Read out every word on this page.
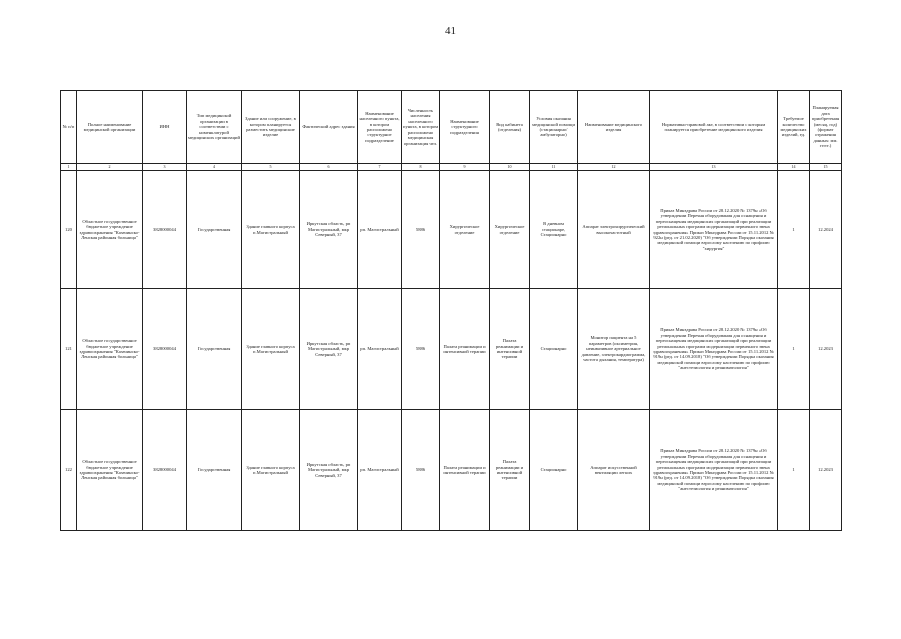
41
№ п/п	Полное наименование медицинской организации	ИНН	Тип медицинской организации в соответствии с номенклатурой медицинских организаций	Здание или сооружение, в котором планируется разместить медицинские изделие	Фактический адрес здания	Наименование населенного пункта, в котором расположено структурное подразделение	Численность населения населенного пункта, в котором расположено медицинская организация чел.	Наименование структурного подразделения	Вид кабинета (отделения)	Условия оказания медицинской помощи (стационарно/амбулаторно)	Наименование медицинского изделия	Нормативно-правовой акт, в соответствии с которым планируется приобретение медицинского изделия	Требуемое количество медицинских изделий, ед.	Планируемая дата приобретения (месяц, год) (формат отражения данных: мм. ггггг.)
1	2	3	4	5	6	7	8	9	10	11	12	13	14	15
120	Областное государственное бюджетное учреждение здравоохранения "Казачинско-Ленская районная больница"	3828000044	Государственная	Здание главного корпуса п.Магистральный	Иркутская область, рп Магистральный, мкр Северный, 37	рп. Магистральный	5886	Хирургическое отделение	Хирургическое отделение	В дневном стационаре, Стационарно	Аппарат электрохирургический высокочастотный	Приказ Минздрава России от 28.12.2020 № 1379н «Об утверждении Перечня оборудования для оснащения и переоснащения медицинских организаций при реализации региональных программ модернизации первичного звена здравоохранения» Приказ Минздрава России от 15.11.2012 № 922н (ред. от 21.02.2020) "Об утверждении Порядка оказания медицинской помощи взрослому населению по профилю "хирургия"	1	12.2024
121	Областное государственное бюджетное учреждение здравоохранения "Казачинско-Ленская районная больница"	3828000044	Государственная	Здание главного корпуса п.Магистральный	Иркутская область, рп Магистральный, мкр Северный, 37	рп. Магистральный	5886	Палата реанимации и интенсивной терапии	Палата реанимации и интенсивной терапии	Стационарно	Монитор пациента на 5 параметров (оксиметрия, неинвазивное артериальное давление, электрокардиограмма, частота дыхания, температура)	Приказ Минздрава России от 28.12.2020 № 1379н «Об утверждении Перечня оборудования для оснащения и переоснащения медицинских организаций при реализации региональных программ модернизации первичного звена здравоохранения» Приказ Минздрава России от 15.11.2012 № 919н (ред. от 14.09.2018) "Об утверждении Порядка оказания медицинской помощи взрослому населению по профилю "анестезиология и реаниматология"	1	12.2023
122	Областное государственное бюджетное учреждение здравоохранения "Казачинско-Ленская районная больница"	3828000044	Государственная	Здание главного корпуса п.Магистральный	Иркутская область, рп Магистральный, мкр Северный, 37	рп. Магистральный	5886	Палата реанимации и интенсивной терапии	Палата реанимации и интенсивной терапии	Стационарно	Аппарат искусственной вентиляции легких	Приказ Минздрава России от 28.12.2020 № 1379н «Об утверждении Перечня оборудования для оснащения и переоснащения медицинских организаций при реализации региональных программ модернизации первичного звена здравоохранения» Приказ Минздрава России от 15.11.2012 № 919н (ред. от 14.09.2018) "Об утверждении Порядка оказания медицинской помощи взрослому населению по профилю "анестезиология и реаниматология"	1	12.2023
